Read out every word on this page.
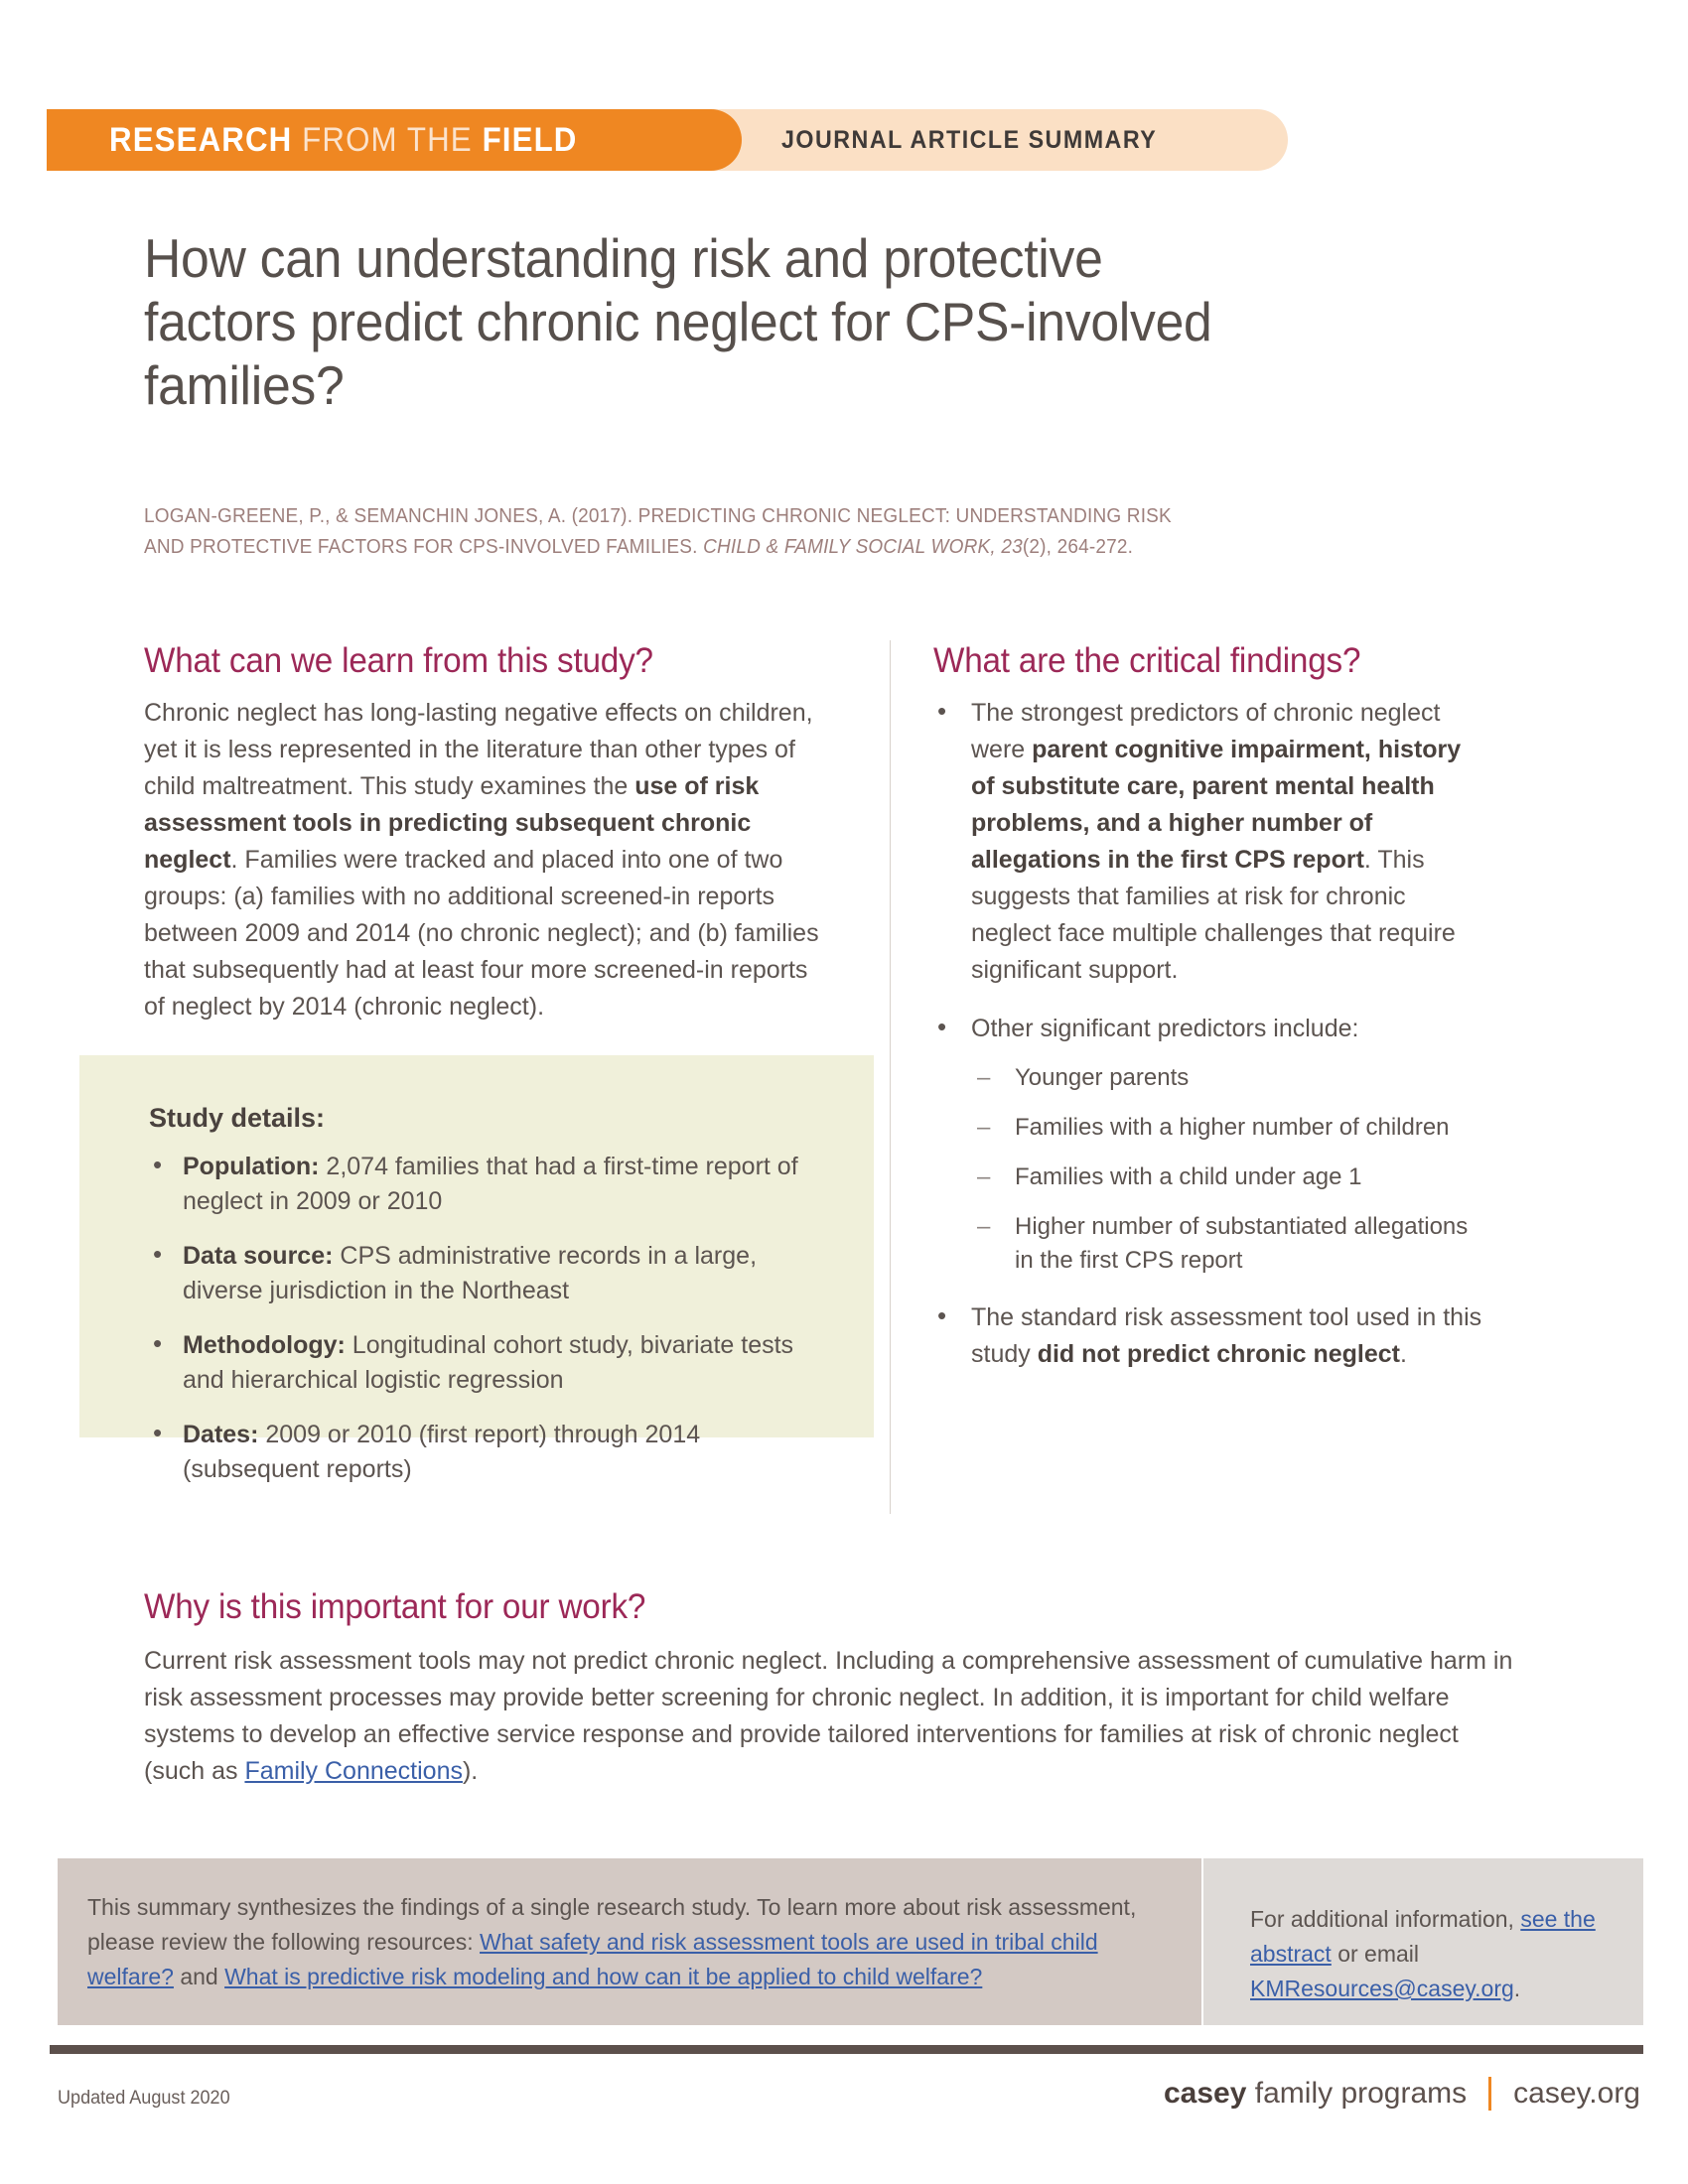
RESEARCH FROM THE FIELD	JOURNAL ARTICLE SUMMARY
How can understanding risk and protective factors predict chronic neglect for CPS-involved families?
LOGAN-GREENE, P., & SEMANCHIN JONES, A. (2017). PREDICTING CHRONIC NEGLECT: UNDERSTANDING RISK AND PROTECTIVE FACTORS FOR CPS-INVOLVED FAMILIES. CHILD & FAMILY SOCIAL WORK, 23(2), 264-272.
What can we learn from this study?
Chronic neglect has long-lasting negative effects on children, yet it is less represented in the literature than other types of child maltreatment. This study examines the use of risk assessment tools in predicting subsequent chronic neglect. Families were tracked and placed into one of two groups: (a) families with no additional screened-in reports between 2009 and 2014 (no chronic neglect); and (b) families that subsequently had at least four more screened-in reports of neglect by 2014 (chronic neglect).
Study details:
• Population: 2,074 families that had a first-time report of neglect in 2009 or 2010
• Data source: CPS administrative records in a large, diverse jurisdiction in the Northeast
• Methodology: Longitudinal cohort study, bivariate tests and hierarchical logistic regression
• Dates: 2009 or 2010 (first report) through 2014 (subsequent reports)
What are the critical findings?
• The strongest predictors of chronic neglect were parent cognitive impairment, history of substitute care, parent mental health problems, and a higher number of allegations in the first CPS report. This suggests that families at risk for chronic neglect face multiple challenges that require significant support.
• Other significant predictors include:
– Younger parents
– Families with a higher number of children
– Families with a child under age 1
– Higher number of substantiated allegations in the first CPS report
• The standard risk assessment tool used in this study did not predict chronic neglect.
Why is this important for our work?
Current risk assessment tools may not predict chronic neglect. Including a comprehensive assessment of cumulative harm in risk assessment processes may provide better screening for chronic neglect. In addition, it is important for child welfare systems to develop an effective service response and provide tailored interventions for families at risk of chronic neglect (such as Family Connections).
This summary synthesizes the findings of a single research study. To learn more about risk assessment, please review the following resources: What safety and risk assessment tools are used in tribal child welfare? and What is predictive risk modeling and how can it be applied to child welfare?
For additional information, see the abstract or email KMResources@casey.org.
Updated August 2020	casey family programs casey.org
